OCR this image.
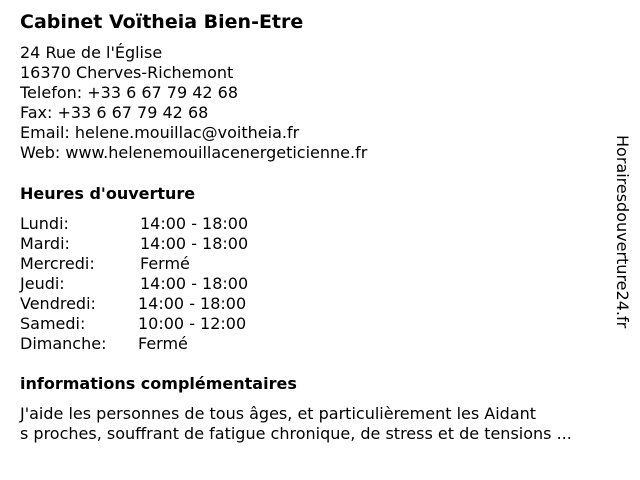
Cabinet Voïtheia Bien-Etre
24 Rue de l'Église
16370 Cherves-Richemont
Telefon: +33 6 67 79 42 68
Fax: +33 6 67 79 42 68
Email: helene.mouillac@voitheia.fr
Web: www.helenemouillacenergeticienne.fr
Heures d'ouverture
Lundi:	14:00 - 18:00
Mardi:	14:00 - 18:00
Mercredi:	Fermé
Jeudi:	14:00 - 18:00
Vendredi:	14:00 - 18:00
Samedi:	10:00 - 12:00
Dimanche: Fermé
informations complémentaires
J'aide les personnes de tous âges, et particulièrement les Aidant
s proches, souffrant de fatigue chronique, de stress et de tensions ...
Horairesdouverture24.fr
